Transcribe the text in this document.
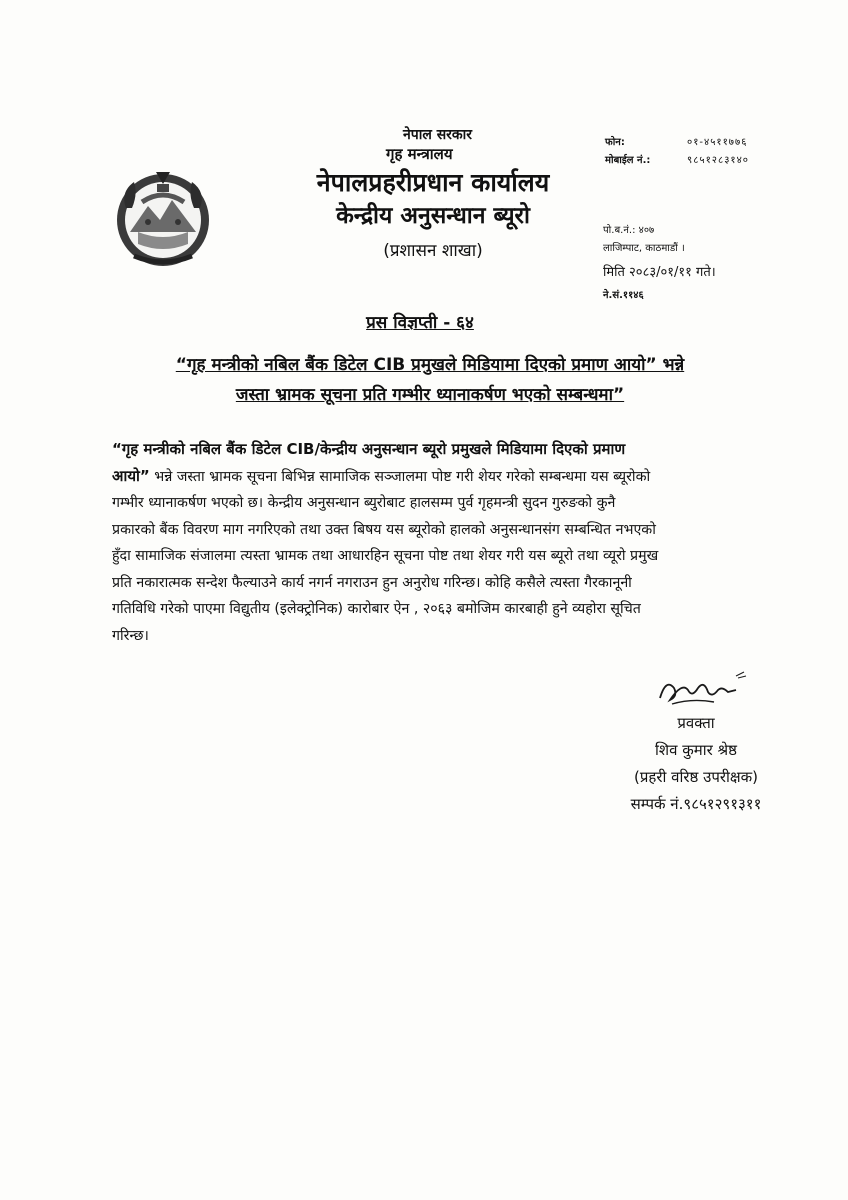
नेपाल सरकार
गृह मन्त्रालय
नेपालप्रहरीप्रधान कार्यालय
केन्द्रीय अनुसन्धान ब्यूरो
(प्रशासन शाखा)
फोन:	०१-४५११७७६
मोबाईल नं.:	९८५१२८३१४०
पो.ब.नं.: ४०७
लाजिम्पाट, काठमाडौं ।
मिति २०८३/०१/११ गते।
ने.सं.११४६
प्रस विज्ञप्ती - ६४
“गृह मन्त्रीको नबिल बैंक डिटेल CIB प्रमुखले मिडियामा दिएको प्रमाण आयो” भन्ने
जस्ता भ्रामक सूचना प्रति गम्भीर ध्यानाकर्षण भएको सम्बन्धमा”
“गृह मन्त्रीको नबिल बैंक डिटेल CIB/केन्द्रीय अनुसन्धान ब्यूरो प्रमुखले मिडियामा दिएको प्रमाण
आयो” भन्ने जस्ता भ्रामक सूचना बिभिन्न सामाजिक सञ्जालमा पोष्ट गरी शेयर गरेको सम्बन्धमा यस ब्यूरोको
गम्भीर ध्यानाकर्षण भएको छ। केन्द्रीय अनुसन्धान ब्युरोबाट हालसम्म पुर्व गृहमन्त्री सुदन गुरुङको कुनै
प्रकारको बैंक विवरण माग नगरिएको तथा उक्त बिषय यस ब्यूरोको हालको अनुसन्धानसंग सम्बन्धित नभएको
हुँदा सामाजिक संजालमा त्यस्ता भ्रामक तथा आधारहिन सूचना पोष्ट तथा शेयर गरी यस ब्यूरो तथा व्यूरो प्रमुख
प्रति नकारात्मक सन्देश फैल्याउने कार्य नगर्न नगराउन हुन अनुरोध गरिन्छ। कोहि कसैले त्यस्ता गैरकानूनी
गतिविधि गरेको पाएमा विद्युतीय (इलेक्ट्रोनिक) कारोबार ऐन , २०६३ बमोजिम कारबाही हुने व्यहोरा सूचित
गरिन्छ।
प्रवक्ता
शिव कुमार श्रेष्ठ
(प्रहरी वरिष्ठ उपरीक्षक)
सम्पर्क नं.९८५१२९१३११
